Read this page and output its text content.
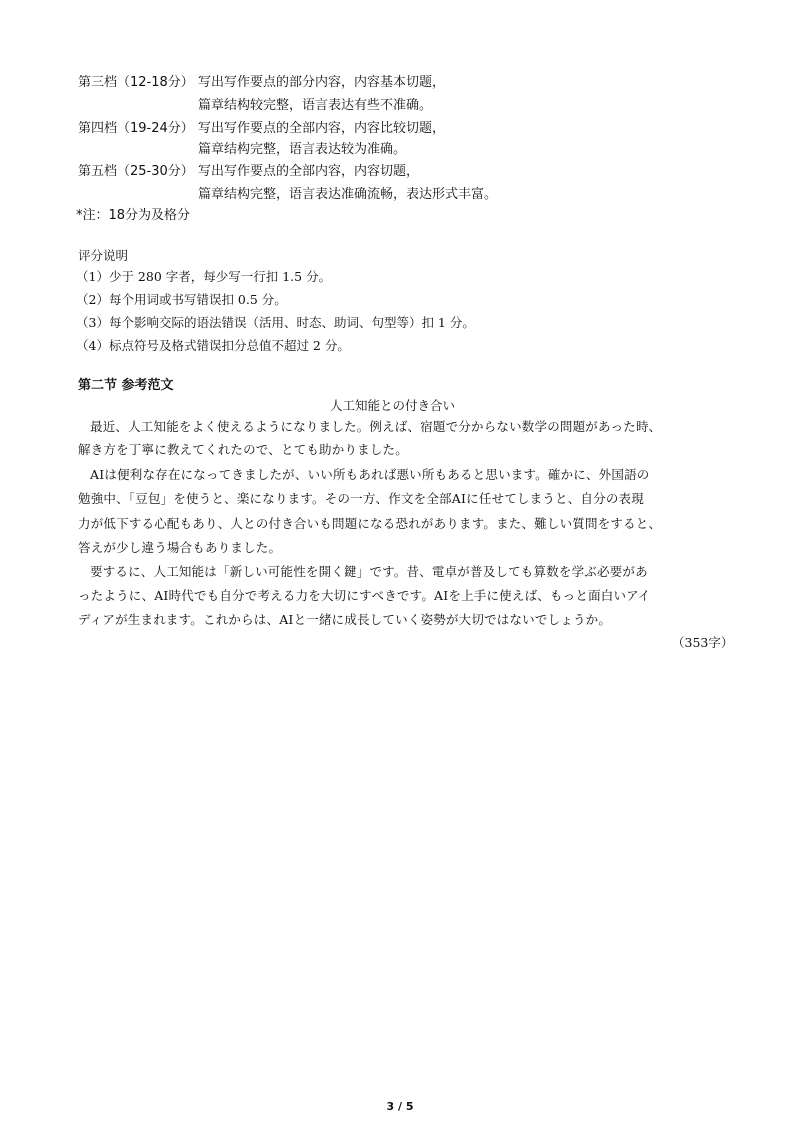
第三档（12-18分） 写出写作要点的部分内容，内容基本切题，
篇章结构较完整，语言表达有些不准确。
第四档（19-24分） 写出写作要点的全部内容，内容比较切题，
篇章结构完整，语言表达较为准确。
第五档（25-30分） 写出写作要点的全部内容，内容切题，
篇章结构完整，语言表达准确流畅，表达形式丰富。
*注：18分为及格分
评分说明
（1）少于 280 字者，每少写一行扣 1.5 分。
（2）每个用词或书写错误扣 0.5 分。
（3）每个影响交际的语法错误（活用、时态、助词、句型等）扣 1 分。
（4）标点符号及格式错误扣分总值不超过 2 分。
第二节 参考范文
人工知能との付き合い
最近、人工知能をよく使えるようになりました。例えば、宿題で分からない数学の問題があった時、
解き方を丁寧に教えてくれたので、とても助かりました。
AIは便利な存在になってきましたが、いい所もあれば悪い所もあると思います。確かに、外国語の
勉強中、「豆包」を使うと、楽になります。その一方、作文を全部AIに任せてしまうと、自分の表現
力が低下する心配もあり、人との付き合いも問題になる恐れがあります。また、難しい質問をすると、
答えが少し違う場合もありました。
要するに、人工知能は「新しい可能性を開く鍵」です。昔、電卓が普及しても算数を学ぶ必要があ
ったように、AI時代でも自分で考える力を大切にすべきです。AIを上手に使えば、もっと面白いアイ
ディアが生まれます。これからは、AIと一緒に成長していく姿勢が大切ではないでしょうか。
（353字）
3 / 5
